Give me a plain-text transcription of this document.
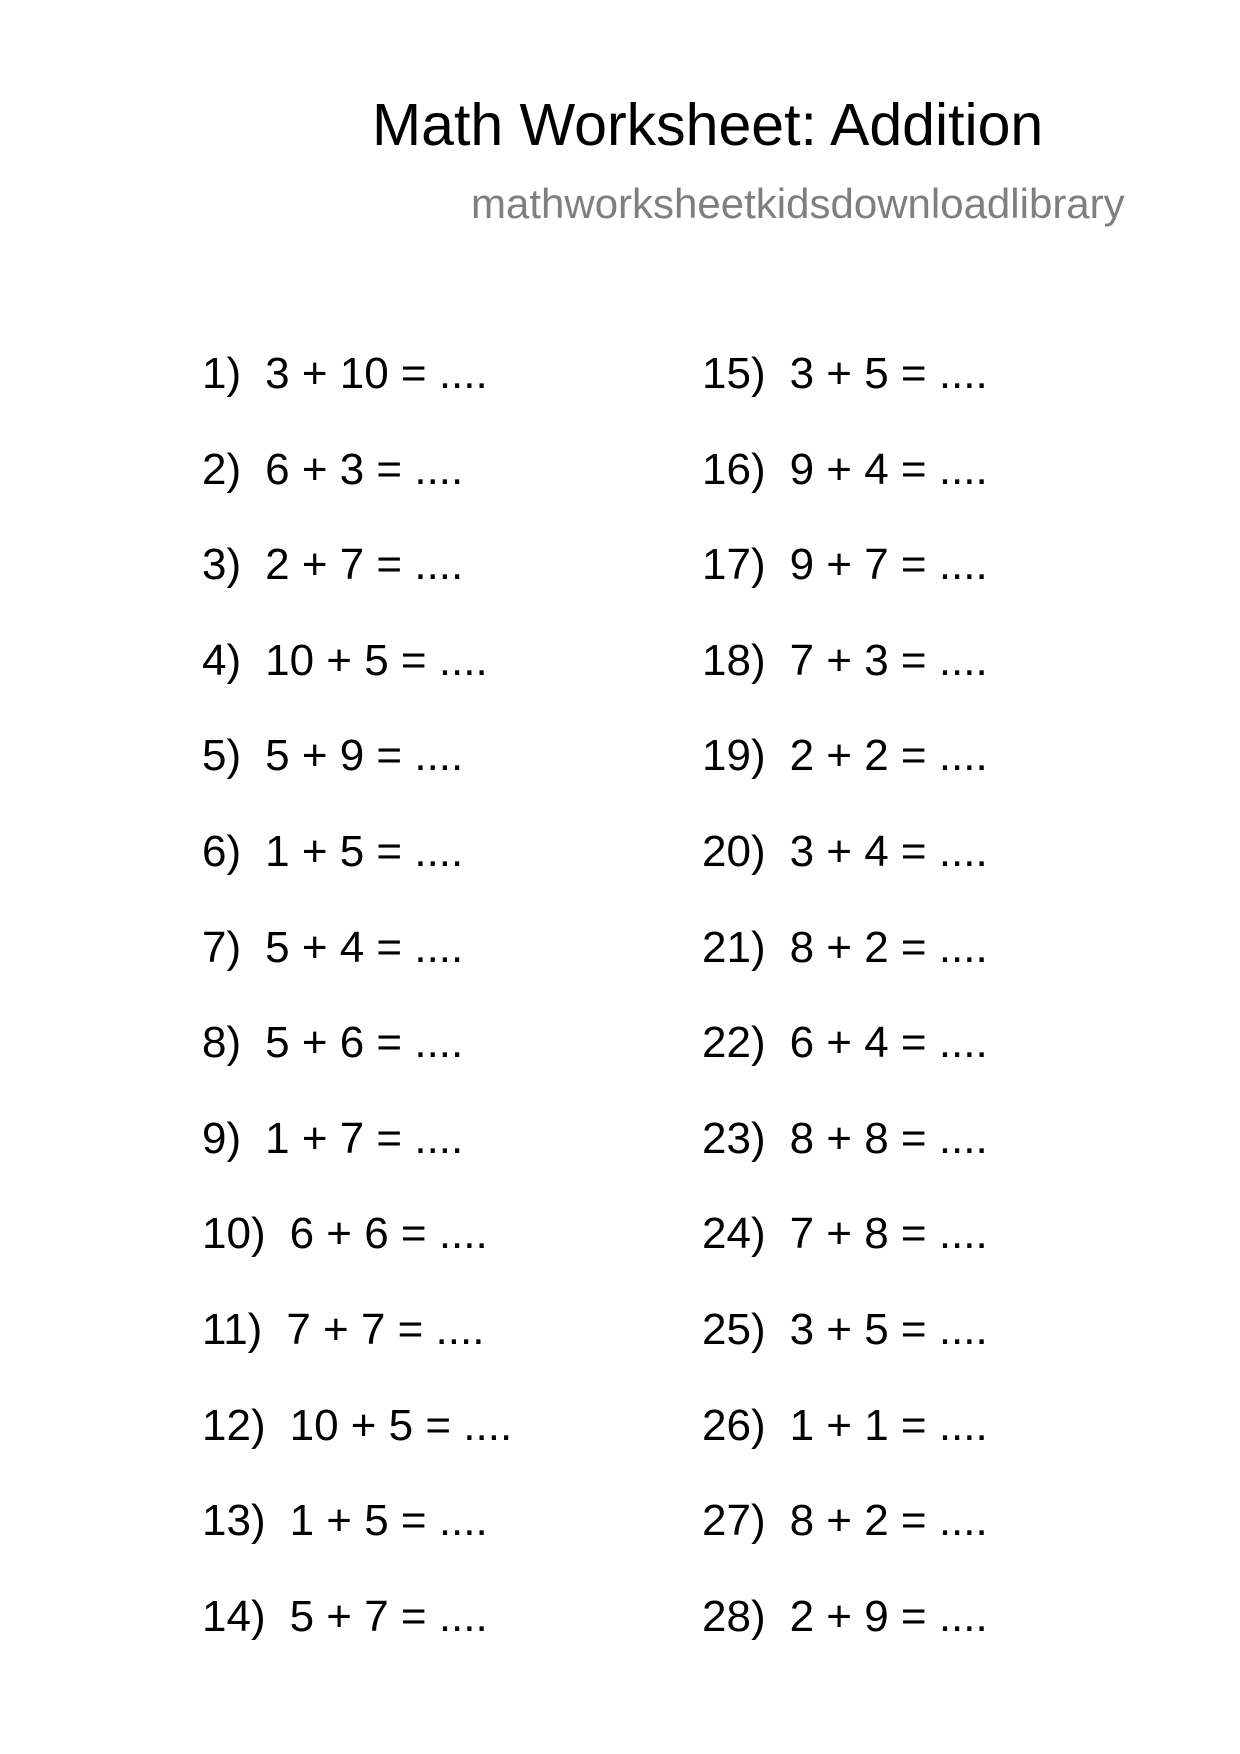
Math Worksheet: Addition
mathworksheetkidsdownloadlibrary
1) 3 + 10 = ....
2) 6 + 3 = ....
3) 2 + 7 = ....
4) 10 + 5 = ....
5) 5 + 9 = ....
6) 1 + 5 = ....
7) 5 + 4 = ....
8) 5 + 6 = ....
9) 1 + 7 = ....
10) 6 + 6 = ....
11) 7 + 7 = ....
12) 10 + 5 = ....
13) 1 + 5 = ....
14) 5 + 7 = ....
15) 3 + 5 = ....
16) 9 + 4 = ....
17) 9 + 7 = ....
18) 7 + 3 = ....
19) 2 + 2 = ....
20) 3 + 4 = ....
21) 8 + 2 = ....
22) 6 + 4 = ....
23) 8 + 8 = ....
24) 7 + 8 = ....
25) 3 + 5 = ....
26) 1 + 1 = ....
27) 8 + 2 = ....
28) 2 + 9 = ....
